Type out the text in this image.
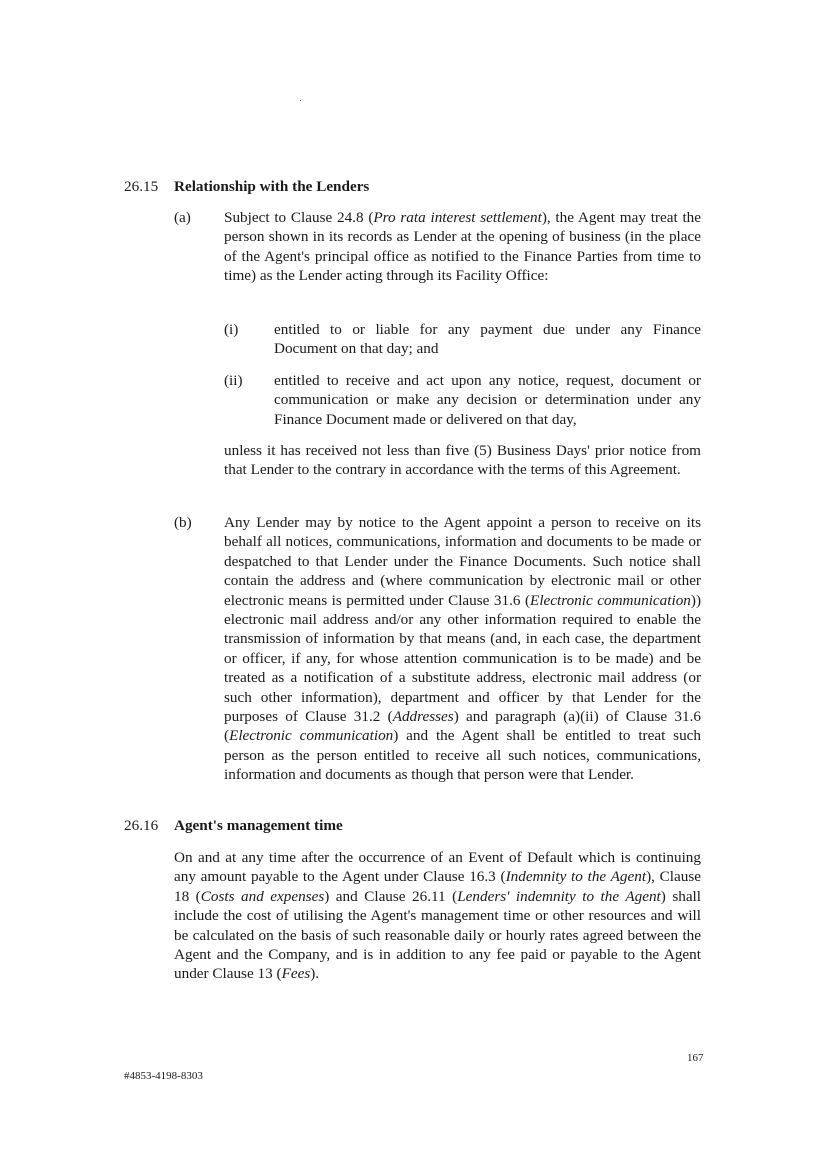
26.15 Relationship with the Lenders
(a) Subject to Clause 24.8 (Pro rata interest settlement), the Agent may treat the person shown in its records as Lender at the opening of business (in the place of the Agent's principal office as notified to the Finance Parties from time to time) as the Lender acting through its Facility Office:
(i) entitled to or liable for any payment due under any Finance Document on that day; and
(ii) entitled to receive and act upon any notice, request, document or communication or make any decision or determination under any Finance Document made or delivered on that day,
unless it has received not less than five (5) Business Days' prior notice from that Lender to the contrary in accordance with the terms of this Agreement.
(b) Any Lender may by notice to the Agent appoint a person to receive on its behalf all notices, communications, information and documents to be made or despatched to that Lender under the Finance Documents. Such notice shall contain the address and (where communication by electronic mail or other electronic means is permitted under Clause 31.6 (Electronic communication)) electronic mail address and/or any other information required to enable the transmission of information by that means (and, in each case, the department or officer, if any, for whose attention communication is to be made) and be treated as a notification of a substitute address, electronic mail address (or such other information), department and officer by that Lender for the purposes of Clause 31.2 (Addresses) and paragraph (a)(ii) of Clause 31.6 (Electronic communication) and the Agent shall be entitled to treat such person as the person entitled to receive all such notices, communications, information and documents as though that person were that Lender.
26.16 Agent's management time
On and at any time after the occurrence of an Event of Default which is continuing any amount payable to the Agent under Clause 16.3 (Indemnity to the Agent), Clause 18 (Costs and expenses) and Clause 26.11 (Lenders' indemnity to the Agent) shall include the cost of utilising the Agent's management time or other resources and will be calculated on the basis of such reasonable daily or hourly rates agreed between the Agent and the Company, and is in addition to any fee paid or payable to the Agent under Clause 13 (Fees).
167
#4853-4198-8303
